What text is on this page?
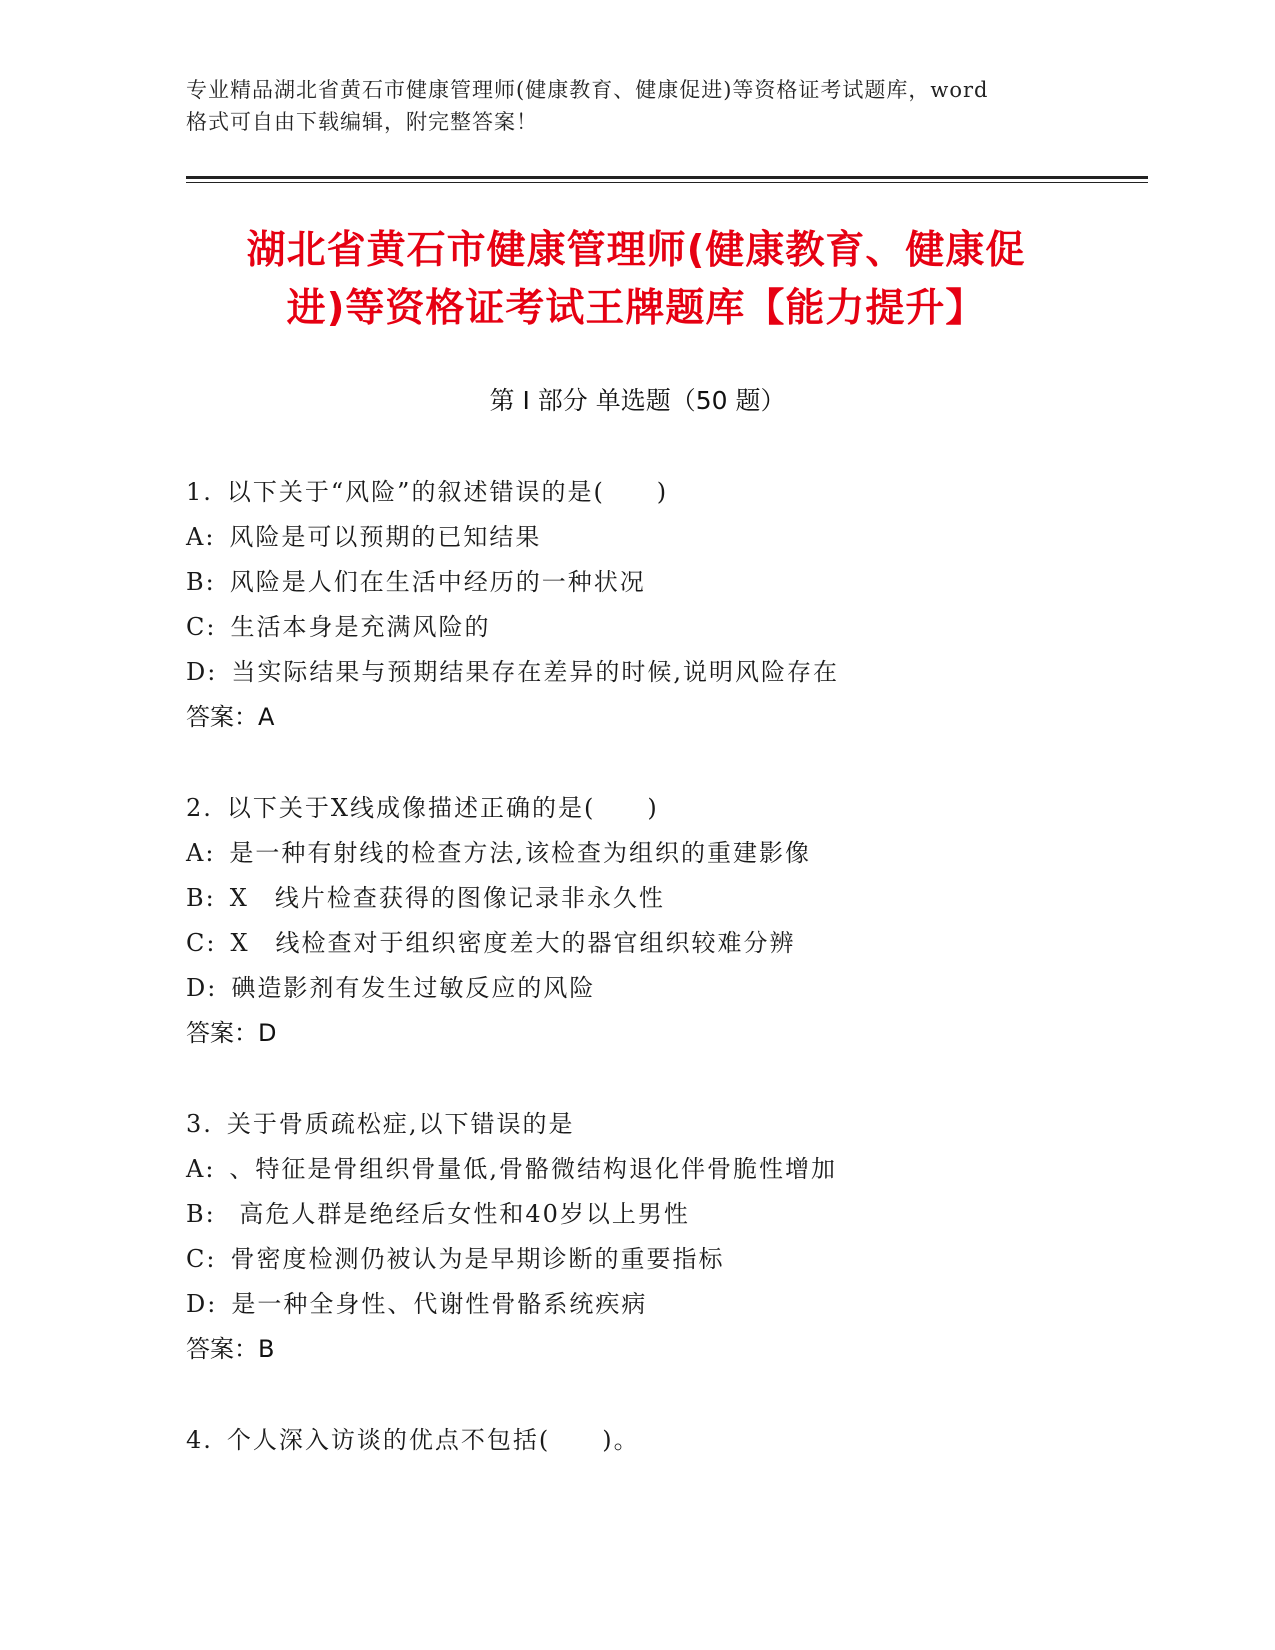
专业精品湖北省黄石市健康管理师(健康教育、健康促进)等资格证考试题库，word
格式可自由下载编辑，附完整答案！
湖北省黄石市健康管理师(健康教育、健康促
进)等资格证考试王牌题库【能力提升】
第 I 部分 单选题（50 题）
1. 以下关于“风险”的叙述错误的是(　　)
A: 风险是可以预期的已知结果
B: 风险是人们在生活中经历的一种状况
C: 生活本身是充满风险的
D: 当实际结果与预期结果存在差异的时候,说明风险存在
答案：A
2. 以下关于X线成像描述正确的是(　　)
A: 是一种有射线的检查方法,该检查为组织的重建影像
B: X　线片检查获得的图像记录非永久性
C: X　线检查对于组织密度差大的器官组织较难分辨
D: 碘造影剂有发生过敏反应的风险
答案：D
3. 关于骨质疏松症,以下错误的是
A: 、特征是骨组织骨量低,骨骼微结构退化伴骨脆性增加
B: 高危人群是绝经后女性和40岁以上男性
C: 骨密度检测仍被认为是早期诊断的重要指标
D: 是一种全身性、代谢性骨骼系统疾病
答案：B
4. 个人深入访谈的优点不包括(　　)。
